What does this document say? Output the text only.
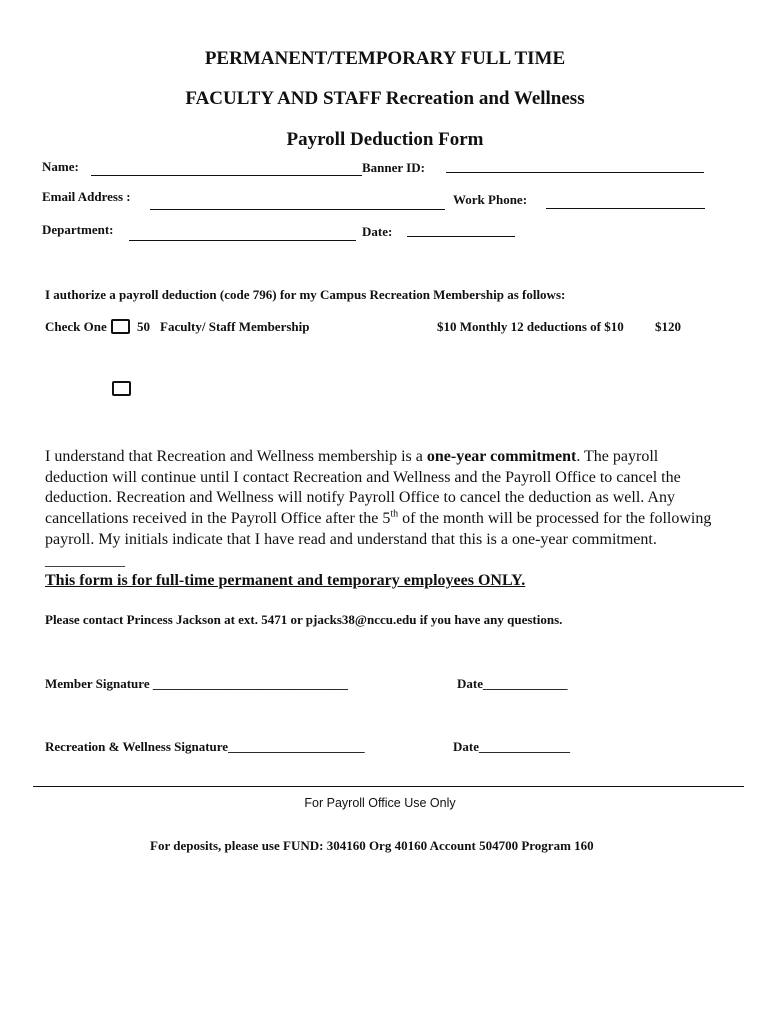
PERMANENT/TEMPORARY FULL TIME
FACULTY AND STAFF Recreation and Wellness
Payroll Deduction Form
Name:	Banner ID:
Email Address :	Work Phone:
Department:	Date:
I authorize a payroll deduction (code 796) for my Campus Recreation Membership as follows:
Check One 50 Faculty/ Staff Membership	$10 Monthly 12 deductions of $10 $120

I understand that Recreation and Wellness membership is a one-year commitment. The payroll deduction will continue until I contact Recreation and Wellness and the Payroll Office to cancel the deduction. Recreation and Wellness will notify Payroll Office to cancel the deduction as well. Any cancellations received in the Payroll Office after the 5th of the month will be processed for the following payroll. My initials indicate that I have read and understand that this is a one-year commitment. __________

This form is for full-time permanent and temporary employees ONLY.
Please contact Princess Jackson at ext. 5471 or pjacks38@nccu.edu if you have any questions.
Member Signature ______________________________	Date_____________
Recreation & Wellness Signature_____________________	Date______________
For Payroll Office Use Only
For deposits, please use FUND: 304160 Org 40160 Account 504700 Program 160
